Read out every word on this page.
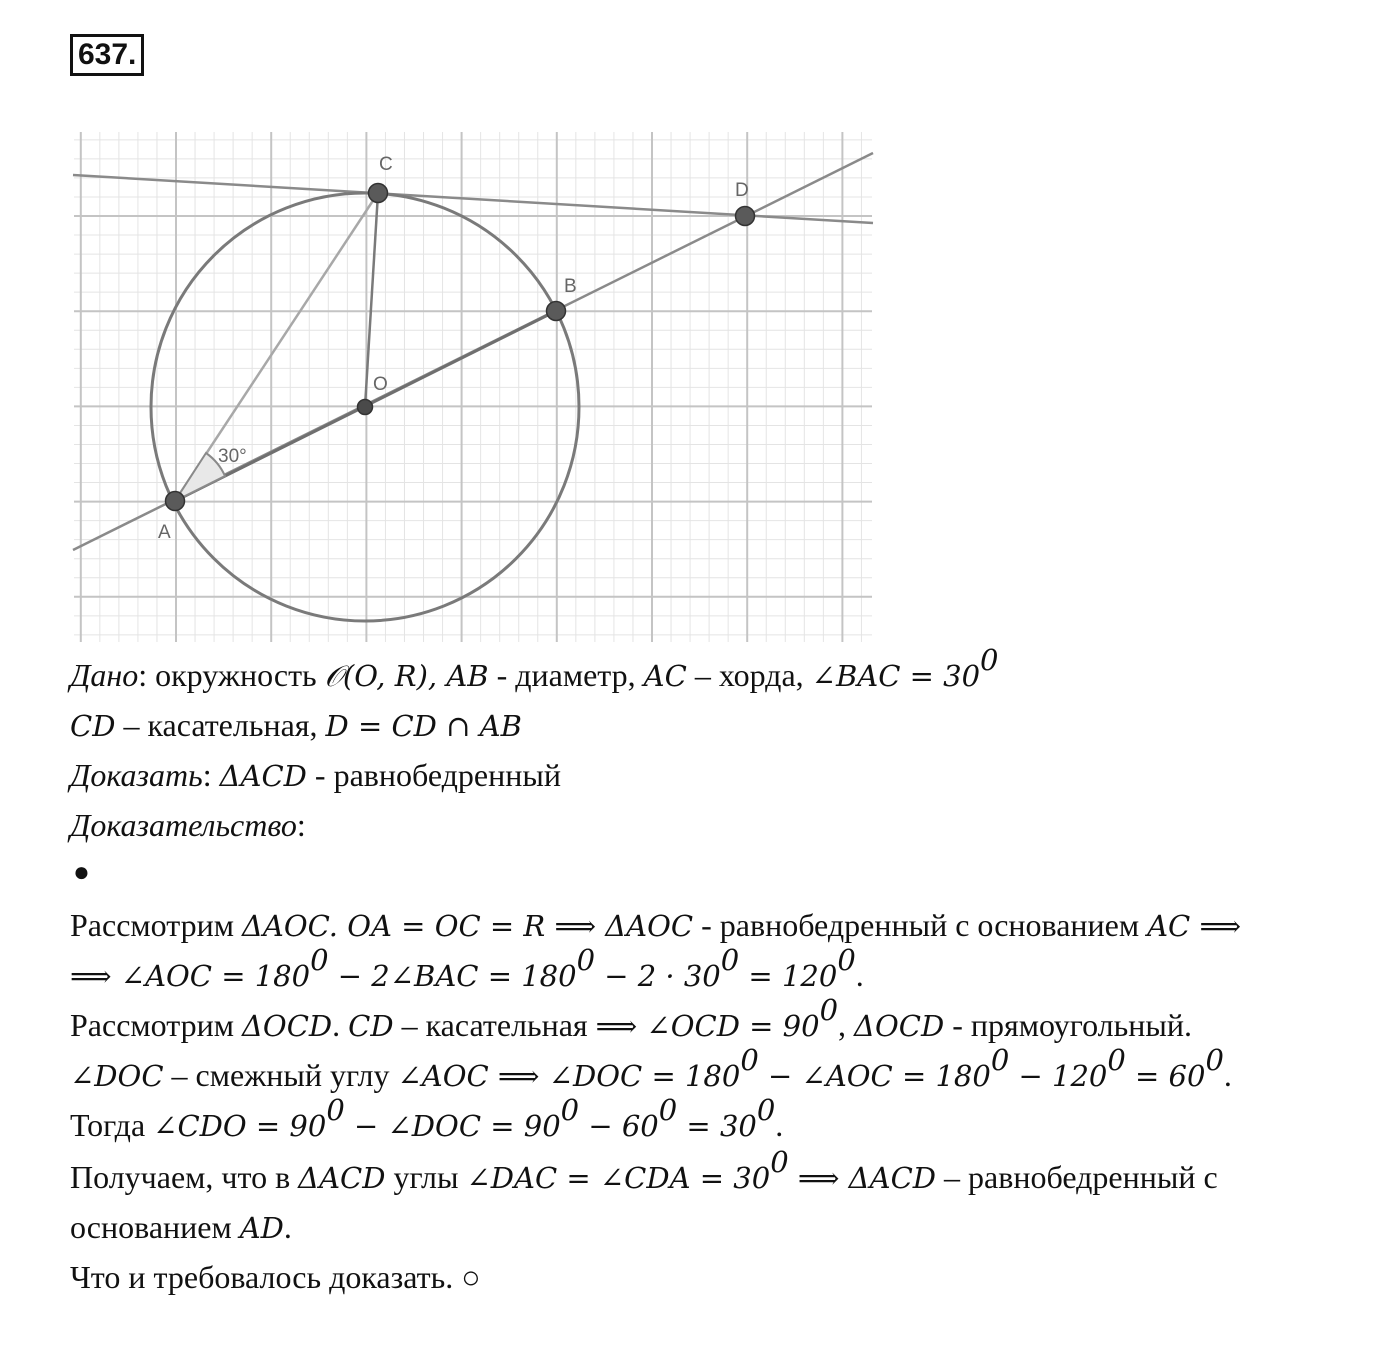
637.
A
B
C
D
O
30°
Дано: окружность 𝒪(O, R), AB - диаметр, AC – хорда, ∠BAC = $30^0$
CD – касательная, D = CD ∩ AB
Доказать: ΔACD - равнобедренный
Доказательство:
●
Рассмотрим ΔAOC. OA = OC = R ⟹ ΔAOC - равнобедренный с основанием AC ⟹
⟹ ∠AOC = $180^0$ − 2∠BAC = $180^0 - 2 \cdot 30^0 = 120^0$.
Рассмотрим ΔOCD. CD – касательная ⟹ ∠OCD = $90^0$, ΔOCD - прямоугольный.
∠DOC – смежный углу ∠AOC ⟹ ∠DOC = $180^0$ − ∠AOC = $180^0 - 120^0 = 60^0$.
Тогда ∠CDO = $90^0$ − ∠DOC = $90^0 - 60^0 = 30^0$.
Получаем, что в ΔACD углы ∠DAC = ∠CDA = $30^0$ ⟹ ΔACD – равнобедренный с
основанием AD.
Что и требовалось доказать. ○
